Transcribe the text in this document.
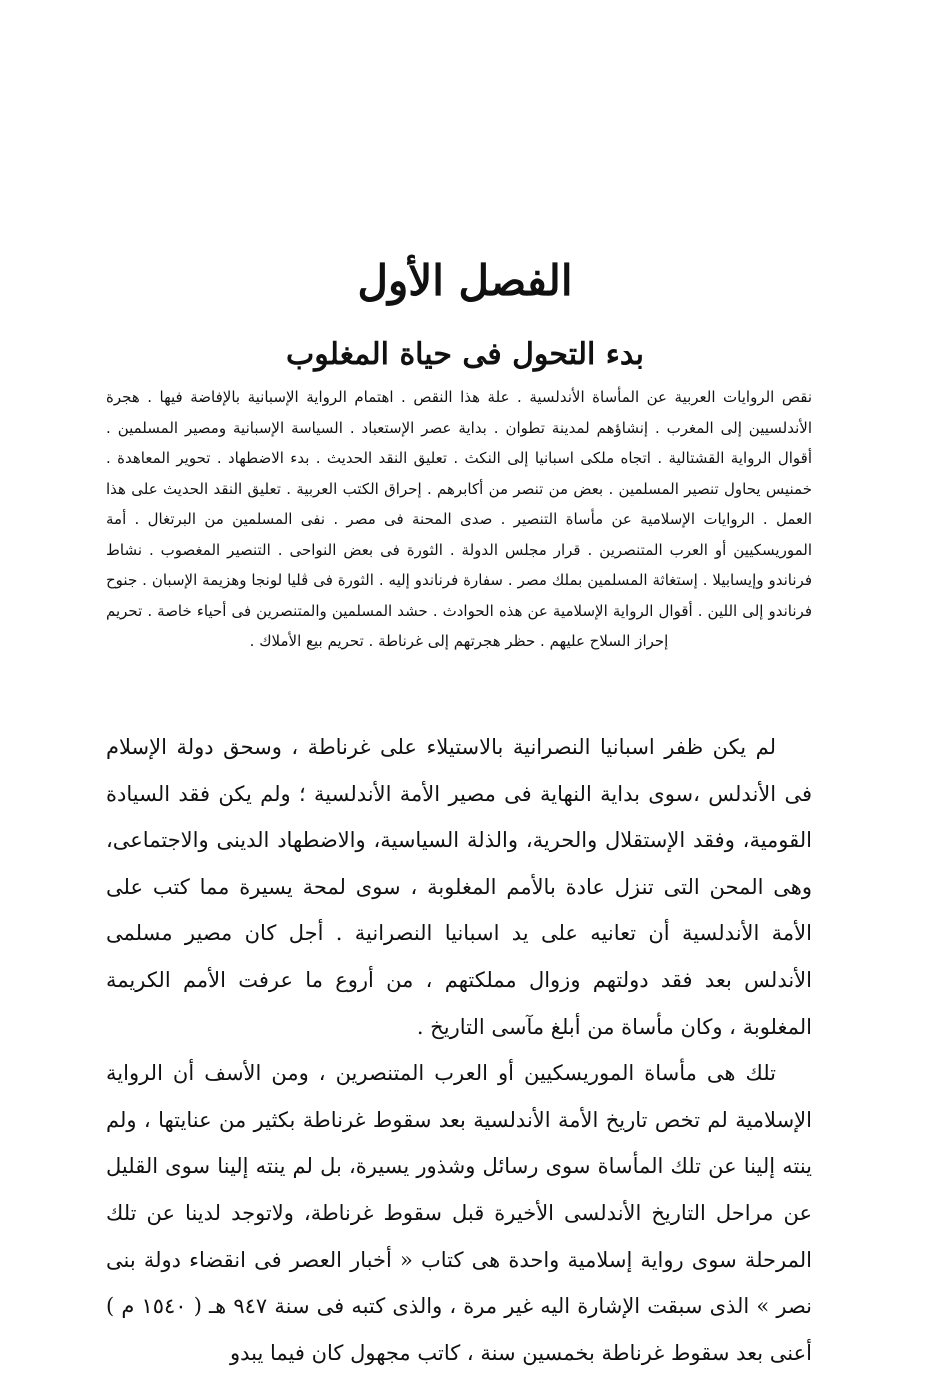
الفصل الأول
بدء التحول فى حياة المغلوب
نقص الروايات العربية عن المأساة الأندلسية . علة هذا النقص . اهتمام الرواية الإسبانية بالإفاضة فيها . هجرة الأندلسيين إلى المغرب . إنشاؤهم لمدينة تطوان . بداية عصر الإستعباد . السياسة الإسبانية ومصير المسلمين . أقوال الرواية القشتالية . اتجاه ملكى اسبانيا إلى النكث . تعليق النقد الحديث . بدء الاضطهاد . تحوير المعاهدة . خمنيس يحاول تنصير المسلمين . بعض من تنصر من أكابرهم . إحراق الكتب العربية . تعليق النقد الحديث على هذا العمل . الروايات الإسلامية عن مأساة التنصير . صدى المحنة فى مصر . نفى المسلمين من البرتغال . أمة الموريسكيين أو العرب المتنصرين . قرار مجلس الدولة . الثورة فى بعض النواحى . التنصير المغصوب . نشاط فرناندو وإيسابيلا . إستغاثة المسلمين بملك مصر . سفارة فرناندو إليه . الثورة فى ڤليا لونجا وهزيمة الإسبان . جنوح فرناندو إلى اللين . أقوال الرواية الإسلامية عن هذه الحوادث . حشد المسلمين والمتنصرين فى أحياء خاصة . تحريم إحراز السلاح عليهم . حظر هجرتهم إلى غرناطة . تحريم بيع الأملاك .

لم يكن ظفر اسبانيا النصرانية بالاستيلاء على غرناطة ، وسحق دولة الإسلام فى الأندلس ،سوى بداية النهاية فى مصير الأمة الأندلسية ؛ ولم يكن فقد السيادة القومية، وفقد الإستقلال والحرية، والذلة السياسية، والاضطهاد الدينى والاجتماعى، وهى المحن التى تنزل عادة بالأمم المغلوبة ، سوى لمحة يسيرة مما كتب على الأمة الأندلسية أن تعانيه على يد اسبانيا النصرانية . أجل كان مصير مسلمى الأندلس بعد فقد دولتهم وزوال مملكتهم ، من أروع ما عرفت الأمم الكريمة المغلوبة ، وكان مأساة من أبلغ مآسى التاريخ .

تلك هى مأساة الموريسكيين أو العرب المتنصرين ، ومن الأسف أن الرواية الإسلامية لم تخص تاريخ الأمة الأندلسية بعد سقوط غرناطة بكثير من عنايتها ، ولم ينته إلينا عن تلك المأساة سوى رسائل وشذور يسيرة، بل لم ينته إلينا سوى القليل عن مراحل التاريخ الأندلسى الأخيرة قبل سقوط غرناطة، ولاتوجد لدينا عن تلك المرحلة سوى رواية إسلامية واحدة هى كتاب « أخبار العصر فى انقضاء دولة بنى نصر » الذى سبقت الإشارة اليه غير مرة ، والذى كتبه فى سنة ٩٤٧ هـ ( ١٥٤٠ م ) أعنى بعد سقوط غرناطة بخمسين سنة ، كاتب مجهول كان فيما يبدو
